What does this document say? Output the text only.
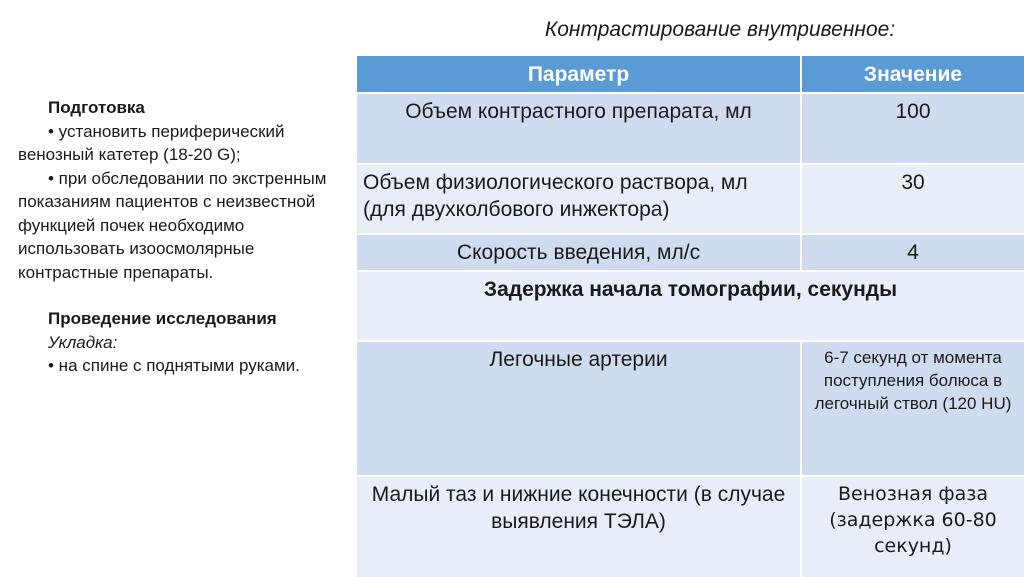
Контрастирование внутривенное:

Подготовка

• установить периферический венозный катетер (18-20 G);

• при обследовании по экстренным показаниям пациентов с неизвестной функцией почек необходимо использовать изоосмолярные контрастные препараты.

Проведение исследования

Укладка:

• на спине с поднятыми руками.

Параметр	Значение
Объем контрастного препарата, мл	100
Объем физиологического раствора, мл (для двухколбового инжектора)	30
Скорость введения, мл/с	4
Задержка начала томографии, секунды	
Легочные артерии	6-7 секунд от момента поступления болюса в легочный ствол (120 HU)
Малый таз и нижние конечности (в случае выявления ТЭЛА)	Венозная фаза (задержка 60-80 секунд)
